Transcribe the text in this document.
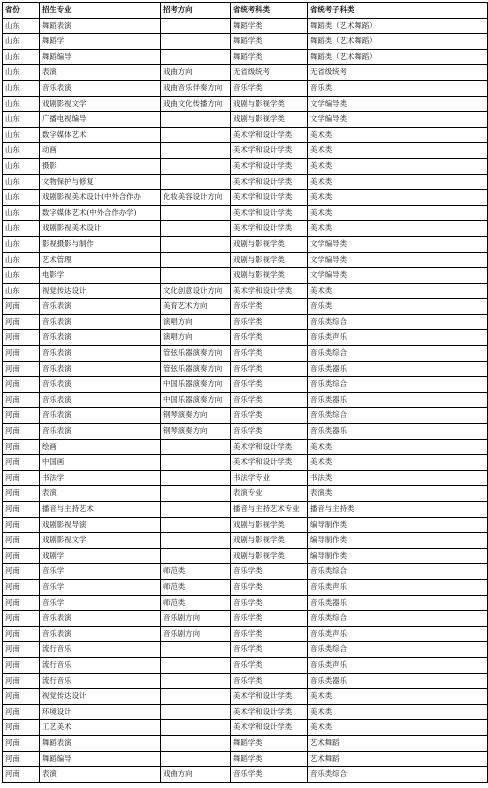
省份	招生专业	招考方向	省统考科类	省统考子科类
山东	舞蹈表演		舞蹈学类	舞蹈类（艺术舞蹈）
山东	舞蹈学		舞蹈学类	舞蹈类（艺术舞蹈）
山东	舞蹈编导		舞蹈学类	舞蹈类（艺术舞蹈）
山东	表演	戏曲方向	无省级统考	无省级统考
山东	音乐表演	戏曲音乐伴奏方向	音乐学类	音乐类
山东	戏剧影视文学	戏曲文化传播方向	戏剧与影视学类	文学编导类
山东	广播电视编导		戏剧与影视学类	文学编导类
山东	数字媒体艺术		美术学和设计学类	美术类
山东	动画		美术学和设计学类	美术类
山东	摄影		美术学和设计学类	美术类
山东	文物保护与修复		美术学和设计学类	美术类
山东	戏剧影视美术设计(中外合作办	化妆美容设计方向	美术学和设计学类	美术类
山东	数字媒体艺术(中外合作办学)		美术学和设计学类	美术类
山东	戏剧影视美术设计		美术学和设计学类	美术类
山东	影视摄影与制作		戏剧与影视学类	文学编导类
山东	艺术管理		戏剧与影视学类	文学编导类
山东	电影学		戏剧与影视学类	文学编导类
山东	视觉传达设计	文化创意设计方向	美术学和设计学类	美术类
河南	音乐表演	美育艺术方向	音乐学类	音乐类
河南	音乐表演	演唱方向	音乐学类	音乐类综合
河南	音乐表演	演唱方向	音乐学类	音乐类声乐
河南	音乐表演	管弦乐器演奏方向	音乐学类	音乐类综合
河南	音乐表演	管弦乐器演奏方向	音乐学类	音乐类器乐
河南	音乐表演	中国乐器演奏方向	音乐学类	音乐类综合
河南	音乐表演	中国乐器演奏方向	音乐学类	音乐类器乐
河南	音乐表演	钢琴演奏方向	音乐学类	音乐类综合
河南	音乐表演	钢琴演奏方向	音乐学类	音乐类器乐
河南	绘画		美术学和设计学类	美术类
河南	中国画		美术学和设计学类	美术类
河南	书法学		书法学专业	书法类
河南	表演		表演专业	表演类
河南	播音与主持艺术		播音与主持艺术专业	播音与主持类
河南	戏剧影视导演		戏剧与影视学类	编导制作类
河南	戏剧影视文学		戏剧与影视学类	编导制作类
河南	戏剧学		戏剧与影视学类	编导制作类
河南	音乐学	师范类	音乐学类	音乐类综合
河南	音乐学	师范类	音乐学类	音乐类声乐
河南	音乐学	师范类	音乐学类	音乐类器乐
河南	音乐表演	音乐剧方向	音乐学类	音乐类综合
河南	音乐表演	音乐剧方向	音乐学类	音乐类声乐
河南	流行音乐		音乐学类	音乐类综合
河南	流行音乐		音乐学类	音乐类声乐
河南	流行音乐		音乐学类	音乐类器乐
河南	视觉传达设计		美术学和设计学类	美术类
河南	环境设计		美术学和设计学类	美术类
河南	工艺美术		美术学和设计学类	美术类
河南	舞蹈表演		舞蹈学类	艺术舞蹈
河南	舞蹈编导		舞蹈学类	艺术舞蹈
河南	表演	戏曲方向	音乐学类	音乐类综合
